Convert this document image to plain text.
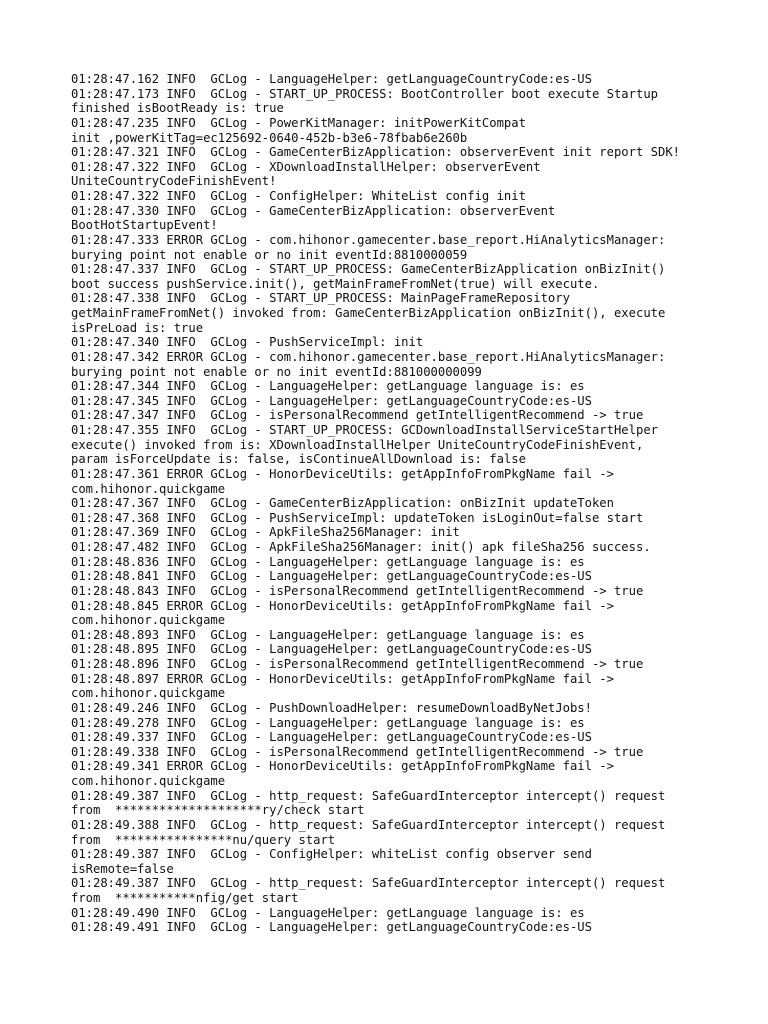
01:28:47.162 INFO  GCLog - LanguageHelper: getLanguageCountryCode:es-US
01:28:47.173 INFO  GCLog - START_UP_PROCESS: BootController boot execute Startup
finished isBootReady is: true
01:28:47.235 INFO  GCLog - PowerKitManager: initPowerKitCompat
init ,powerKitTag=ec125692-0640-452b-b3e6-78fbab6e260b
01:28:47.321 INFO  GCLog - GameCenterBizApplication: observerEvent init report SDK!
01:28:47.322 INFO  GCLog - XDownloadInstallHelper: observerEvent
UniteCountryCodeFinishEvent!
01:28:47.322 INFO  GCLog - ConfigHelper: WhiteList config init
01:28:47.330 INFO  GCLog - GameCenterBizApplication: observerEvent
BootHotStartupEvent!
01:28:47.333 ERROR GCLog - com.hihonor.gamecenter.base_report.HiAnalyticsManager:
burying point not enable or no init eventId:8810000059
01:28:47.337 INFO  GCLog - START_UP_PROCESS: GameCenterBizApplication onBizInit()
boot success pushService.init(), getMainFrameFromNet(true) will execute.
01:28:47.338 INFO  GCLog - START_UP_PROCESS: MainPageFrameRepository
getMainFrameFromNet() invoked from: GameCenterBizApplication onBizInit(), execute
isPreLoad is: true
01:28:47.340 INFO  GCLog - PushServiceImpl: init
01:28:47.342 ERROR GCLog - com.hihonor.gamecenter.base_report.HiAnalyticsManager:
burying point not enable or no init eventId:881000000099
01:28:47.344 INFO  GCLog - LanguageHelper: getLanguage language is: es
01:28:47.345 INFO  GCLog - LanguageHelper: getLanguageCountryCode:es-US
01:28:47.347 INFO  GCLog - isPersonalRecommend getIntelligentRecommend -> true
01:28:47.355 INFO  GCLog - START_UP_PROCESS: GCDownloadInstallServiceStartHelper
execute() invoked from is: XDownloadInstallHelper UniteCountryCodeFinishEvent,
param isForceUpdate is: false, isContinueAllDownload is: false
01:28:47.361 ERROR GCLog - HonorDeviceUtils: getAppInfoFromPkgName fail ->
com.hihonor.quickgame
01:28:47.367 INFO  GCLog - GameCenterBizApplication: onBizInit updateToken
01:28:47.368 INFO  GCLog - PushServiceImpl: updateToken isLoginOut=false start
01:28:47.369 INFO  GCLog - ApkFileSha256Manager: init
01:28:47.482 INFO  GCLog - ApkFileSha256Manager: init() apk fileSha256 success.
01:28:48.836 INFO  GCLog - LanguageHelper: getLanguage language is: es
01:28:48.841 INFO  GCLog - LanguageHelper: getLanguageCountryCode:es-US
01:28:48.843 INFO  GCLog - isPersonalRecommend getIntelligentRecommend -> true
01:28:48.845 ERROR GCLog - HonorDeviceUtils: getAppInfoFromPkgName fail ->
com.hihonor.quickgame
01:28:48.893 INFO  GCLog - LanguageHelper: getLanguage language is: es
01:28:48.895 INFO  GCLog - LanguageHelper: getLanguageCountryCode:es-US
01:28:48.896 INFO  GCLog - isPersonalRecommend getIntelligentRecommend -> true
01:28:48.897 ERROR GCLog - HonorDeviceUtils: getAppInfoFromPkgName fail ->
com.hihonor.quickgame
01:28:49.246 INFO  GCLog - PushDownloadHelper: resumeDownloadByNetJobs!
01:28:49.278 INFO  GCLog - LanguageHelper: getLanguage language is: es
01:28:49.337 INFO  GCLog - LanguageHelper: getLanguageCountryCode:es-US
01:28:49.338 INFO  GCLog - isPersonalRecommend getIntelligentRecommend -> true
01:28:49.341 ERROR GCLog - HonorDeviceUtils: getAppInfoFromPkgName fail ->
com.hihonor.quickgame
01:28:49.387 INFO  GCLog - http_request: SafeGuardInterceptor intercept() request
from  ********************ry/check start
01:28:49.388 INFO  GCLog - http_request: SafeGuardInterceptor intercept() request
from  ****************nu/query start
01:28:49.387 INFO  GCLog - ConfigHelper: whiteList config observer send
isRemote=false
01:28:49.387 INFO  GCLog - http_request: SafeGuardInterceptor intercept() request
from  ***********nfig/get start
01:28:49.490 INFO  GCLog - LanguageHelper: getLanguage language is: es
01:28:49.491 INFO  GCLog - LanguageHelper: getLanguageCountryCode:es-US
